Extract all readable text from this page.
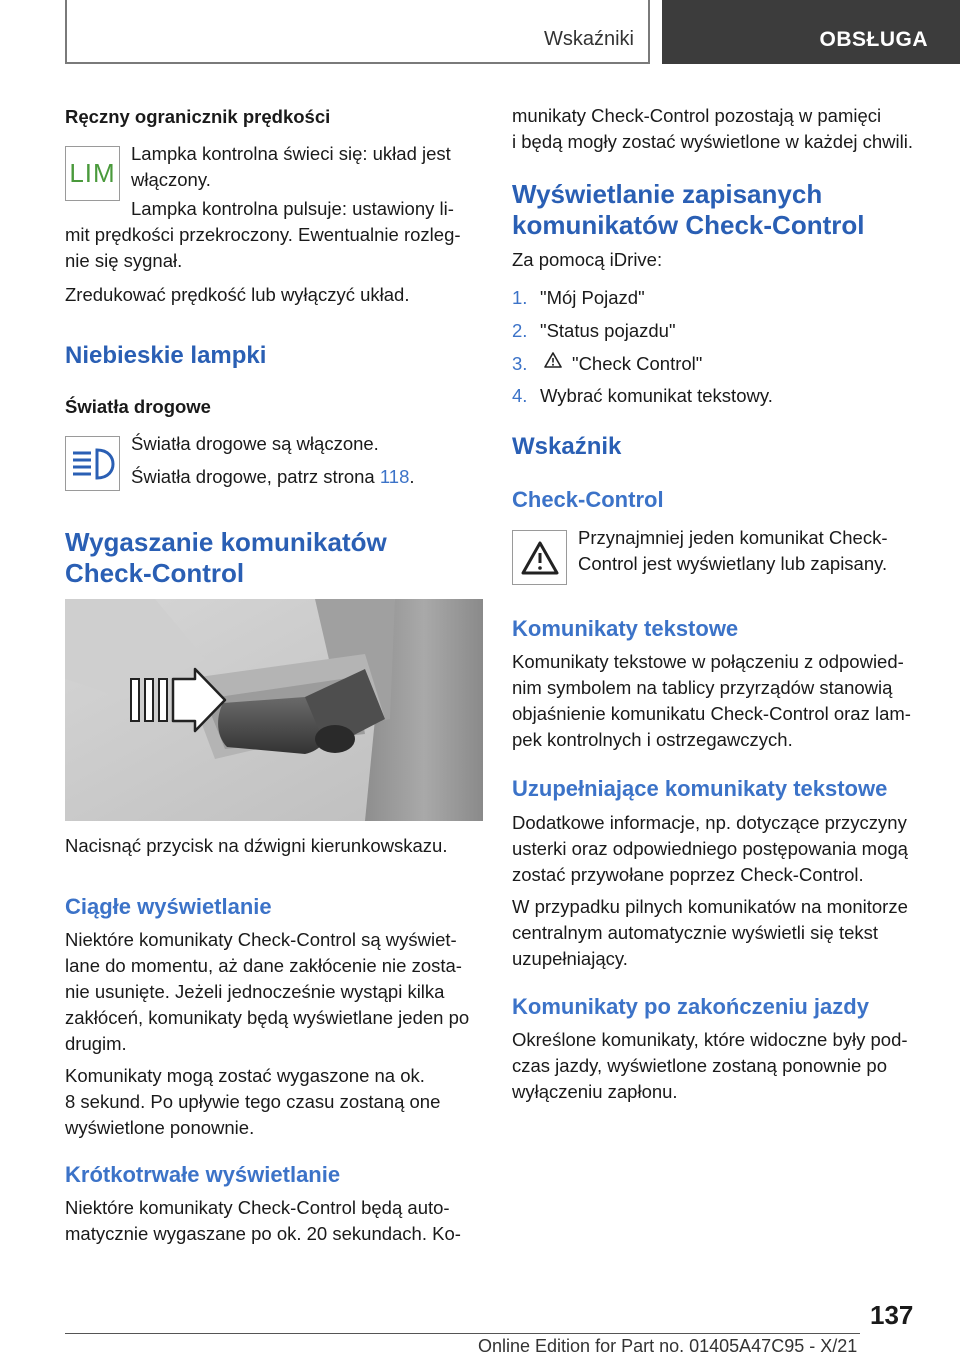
Wskaźniki	OBSŁUGA
Ręczny ogranicznik prędkości
LIM
Lampka kontrolna świeci się: układ jest włączony.
Lampka kontrolna pulsuje: ustawiony li‐
mit prędkości przekroczony. Ewentualnie rozleg‐
nie się sygnał.
Zredukować prędkość lub wyłączyć układ.
Niebieskie lampki
Światła drogowe
Światła drogowe są włączone.
Światła drogowe, patrz strona 118.
Wygaszanie komunikatów
Check-Control
Nacisnąć przycisk na dźwigni kierunkowskazu.
Ciągłe wyświetlanie
Niektóre komunikaty Check-Control są wyświet‐
lane do momentu, aż dane zakłócenie nie zosta‐
nie usunięte. Jeżeli jednocześnie wystąpi kilka
zakłóceń, komunikaty będą wyświetlane jeden po
drugim.
Komunikaty mogą zostać wygaszone na ok.
8 sekund. Po upływie tego czasu zostaną one
wyświetlone ponownie.
Krótkotrwałe wyświetlanie
Niektóre komunikaty Check-Control będą auto‐
matycznie wygaszane po ok. 20 sekundach. Ko‐
munikaty Check-Control pozostają w pamięci
i będą mogły zostać wyświetlone w każdej chwili.
Wyświetlanie zapisanych
komunikatów Check-Control
Za pomocą iDrive:
1. "Mój Pojazd"
2. "Status pojazdu"
3. "Check Control"
4. Wybrać komunikat tekstowy.
Wskaźnik
Check-Control
Przynajmniej jeden komunikat Check-
Control jest wyświetlany lub zapisany.
Komunikaty tekstowe
Komunikaty tekstowe w połączeniu z odpowied‐
nim symbolem na tablicy przyrządów stanowią
objaśnienie komunikatu Check-Control oraz lam‐
pek kontrolnych i ostrzegawczych.
Uzupełniające komunikaty tekstowe
Dodatkowe informacje, np. dotyczące przyczyny
usterki oraz odpowiedniego postępowania mogą
zostać przywołane poprzez Check-Control.
W przypadku pilnych komunikatów na monitorze
centralnym automatycznie wyświetli się tekst
uzupełniający.
Komunikaty po zakończeniu jazdy
Określone komunikaty, które widoczne były pod‐
czas jazdy, wyświetlone zostaną ponownie po
wyłączeniu zapłonu.
137
Online Edition for Part no. 01405A47C95 - X/21
